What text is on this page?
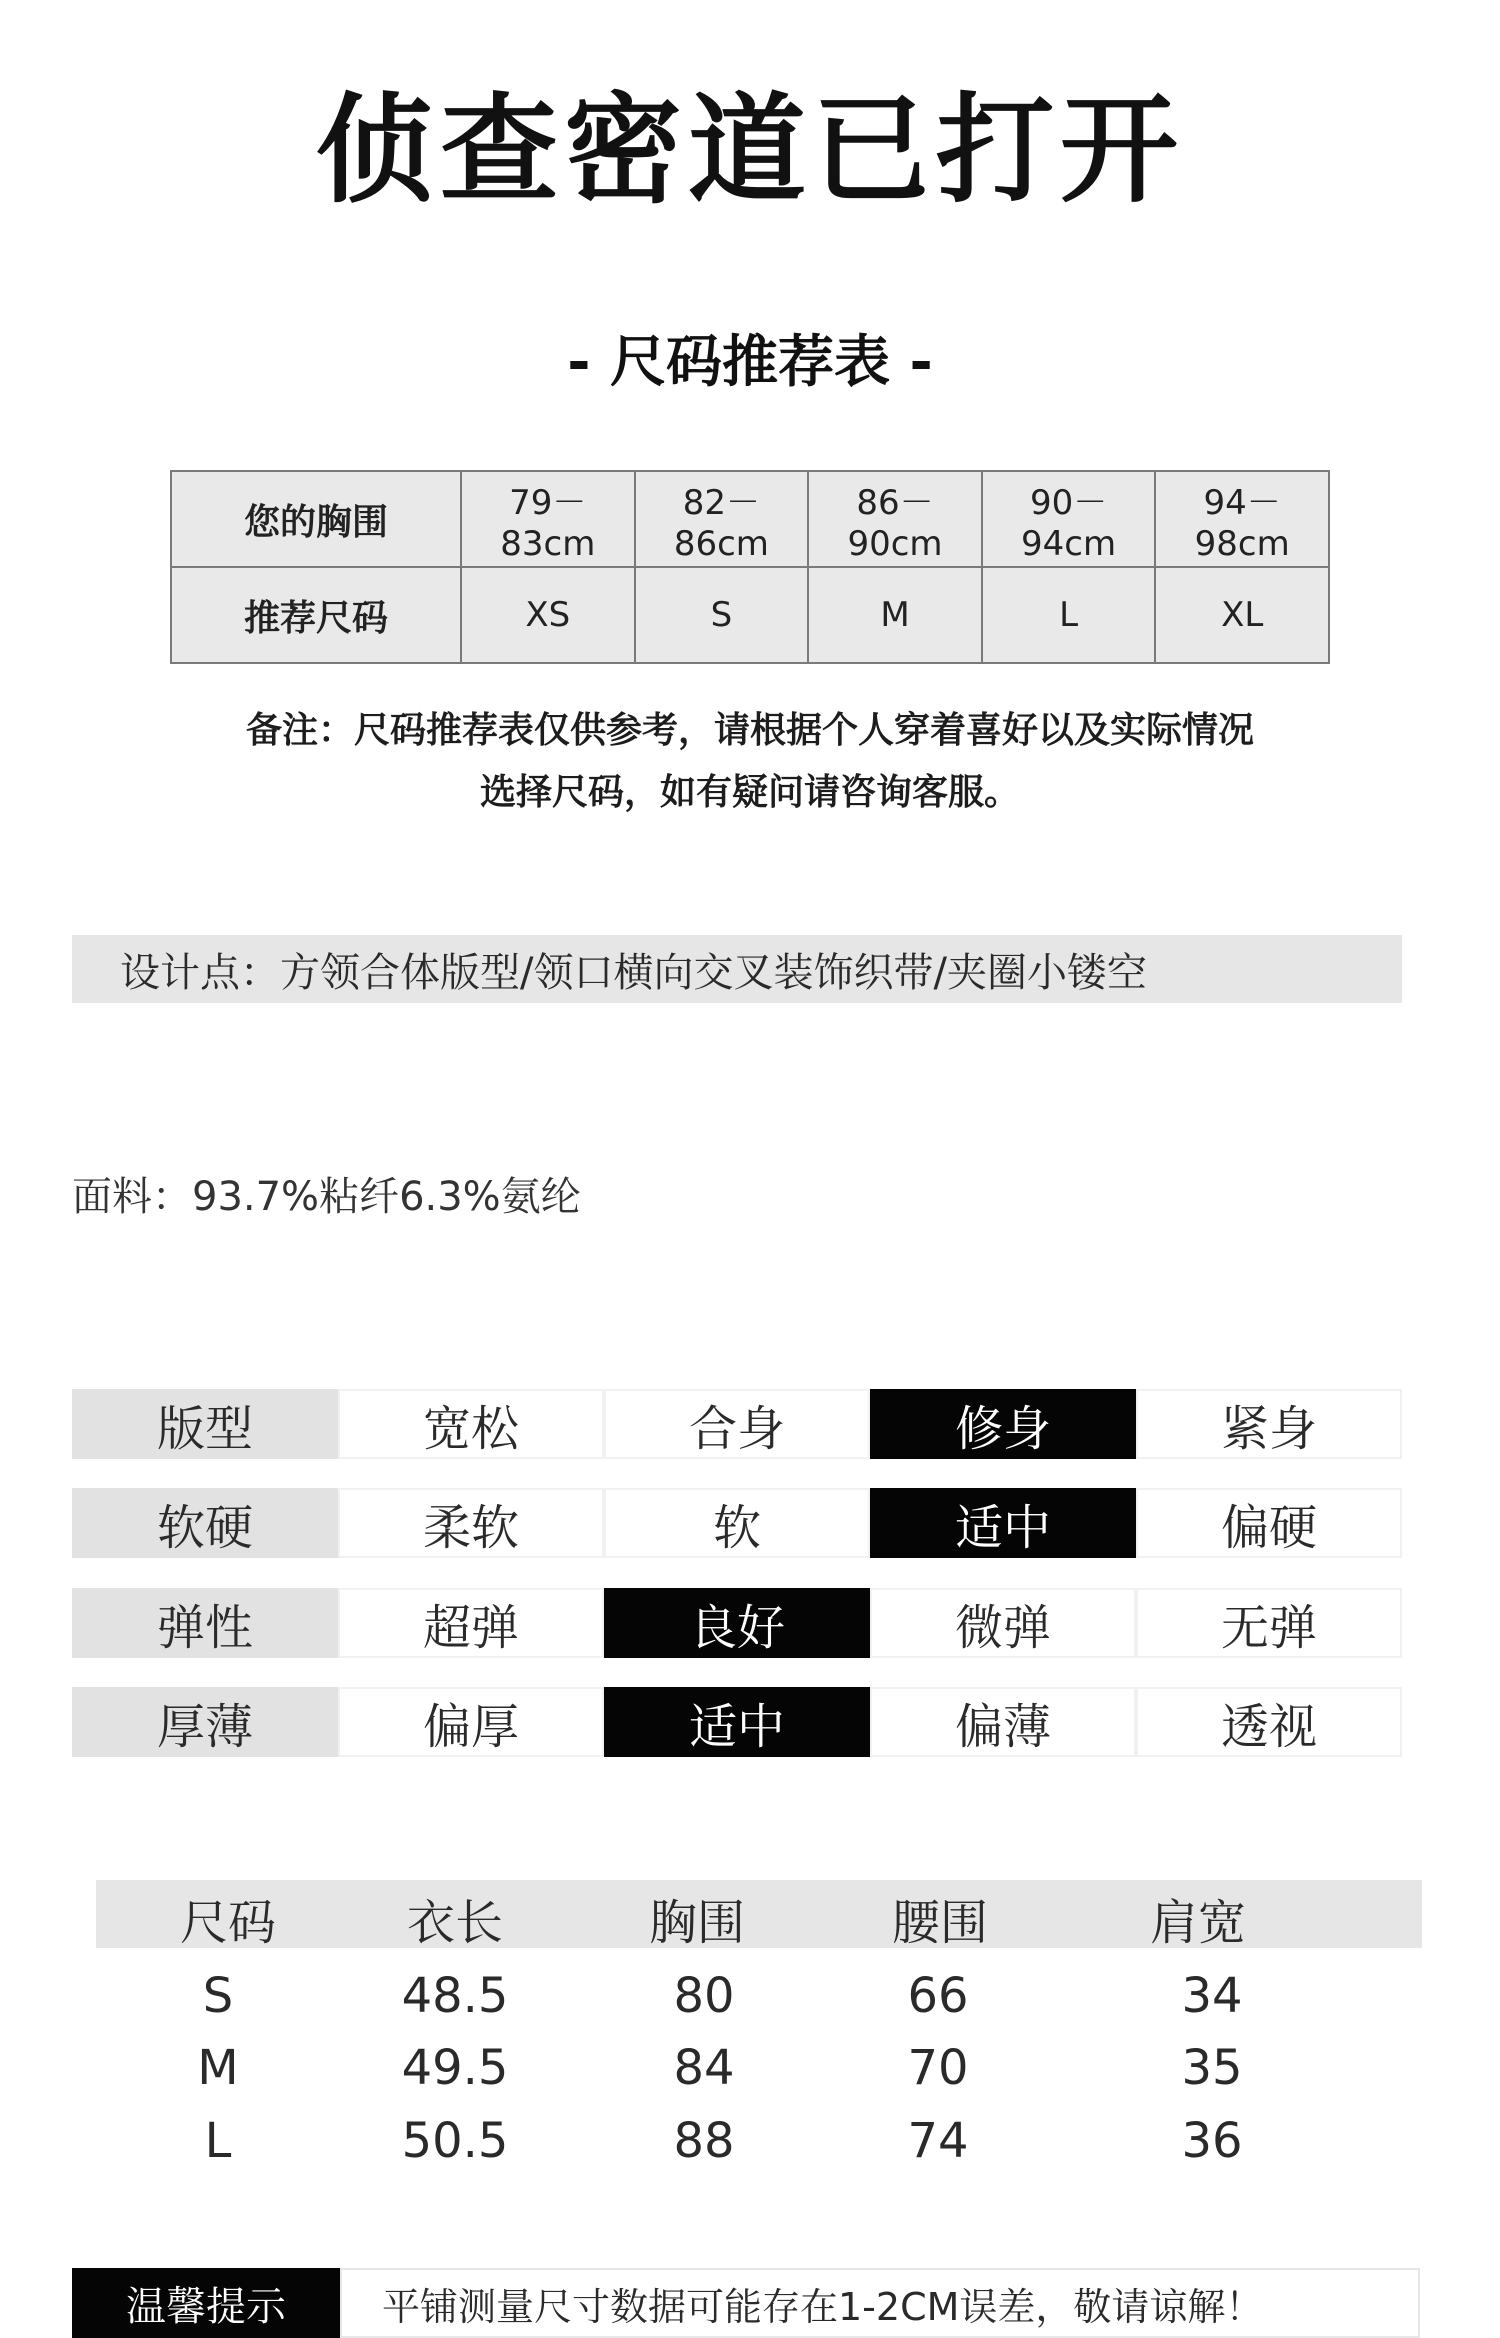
侦查密道已打开
- 尺码推荐表 -
您的胸围	79－83cm	82－86cm	86－90cm	90－94cm	94－98cm
推荐尺码	XS	S	M	L	XL
备注：尺码推荐表仅供参考，请根据个人穿着喜好以及实际情况
选择尺码，如有疑问请咨询客服。
设计点：方领合体版型/领口横向交叉装饰织带/夹圈小镂空
面料：93.7%粘纤6.3%氨纶
版型	宽松	合身	修身	紧身
软硬	柔软	软	适中	偏硬
弹性	超弹	良好	微弹	无弹
厚薄	偏厚	适中	偏薄	透视
尺码	衣长	胸围	腰围	肩宽
S	48.5	80	66	34
M	49.5	84	70	35
L	50.5	88	74	36
温馨提示	平铺测量尺寸数据可能存在1-2CM误差，敬请谅解！
